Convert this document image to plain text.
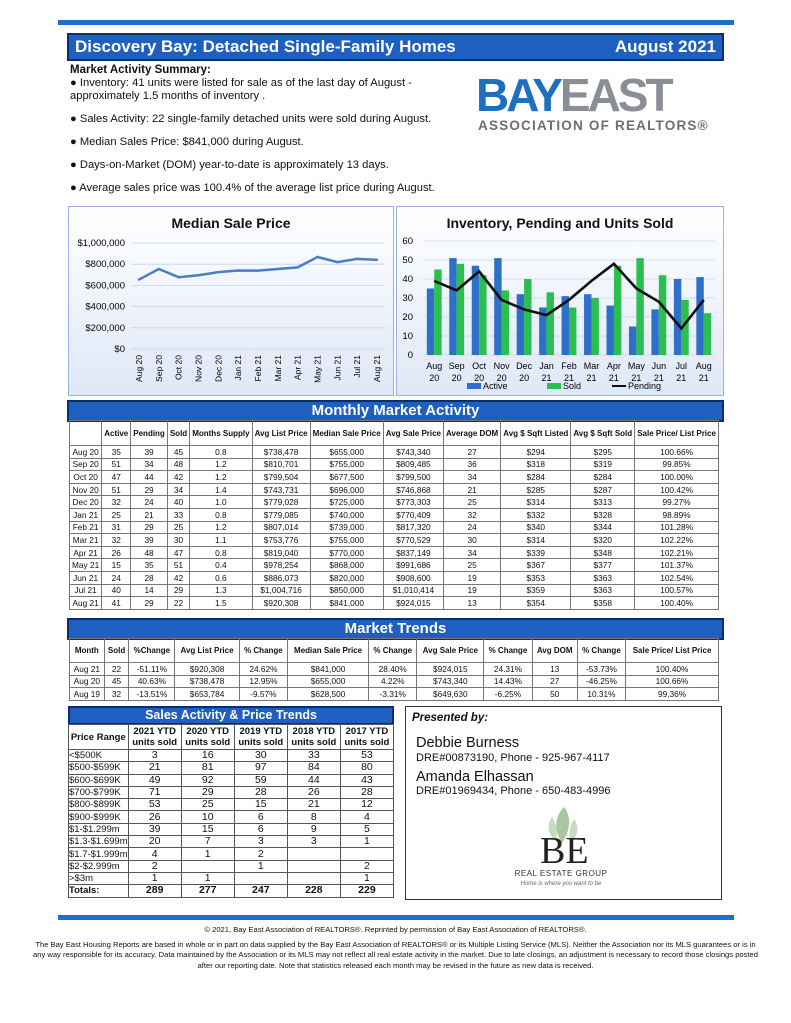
Discovery Bay: Detached Single-Family Homes	August 2021
Market Activity Summary:

● Inventory: 41 units were listed for sale as of the last day of August - approximately 1.5 months of inventory .

● Sales Activity: 22 single-family detached units were sold during August.

● Median Sales Price: $841,000 during August.

● Days-on-Market (DOM) year-to-date is approximately 13 days.

● Average sales price was 100.4% of the average list price during August.

BAYEAST
ASSOCIATION OF REALTORS®
Median Sale Price
$0
$200,000
$400,000
$600,000
$800,000
$1,000,000
Aug 20 Sep 20 Oct 20 Nov 20 Dec 20 Jan 21 Feb 21 Mar 21 Apr 21 May 21 Jun 21 Jul 21 Aug 21
Inventory, Pending and Units Sold
0
10
20
30
40
50
60
Aug
20
Sep
20
Oct
20
Nov
20
Dec
20
Jan
21
Feb
21
Mar
21
Apr
21
May
21
Jun
21
Jul
21
Aug
21
Active	Sold	Pending
Monthly Market Activity
	Active	Pending	Sold	Months Supply	Avg List Price	Median Sale Price	Avg Sale Price	Average DOM	Avg $ Sqft Listed	Avg $ Sqft Sold	Sale Price/ List Price
Aug 20	35	39	45	0.8	$738,478	$655,000	$743,340	27	$294	$295	100.66%
Sep 20	51	34	48	1.2	$810,701	$755,000	$809,485	36	$318	$319	99.85%
Oct 20	47	44	42	1.2	$799,504	$677,500	$799,500	34	$284	$284	100.00%
Nov 20	51	29	34	1.4	$743,731	$696,000	$746,868	21	$285	$287	100.42%
Dec 20	32	24	40	1.0	$779,028	$725,000	$773,303	25	$314	$313	99.27%
Jan 21	25	21	33	0.8	$779,085	$740,000	$770,409	32	$332	$328	98.89%
Feb 21	31	29	25	1.2	$807,014	$739,000	$817,320	24	$340	$344	101.28%
Mar 21	32	39	30	1.1	$753,776	$755,000	$770,529	30	$314	$320	102.22%
Apr 21	26	48	47	0.8	$819,040	$770,000	$837,149	34	$339	$348	102.21%
May 21	15	35	51	0.4	$978,254	$868,000	$991,686	25	$367	$377	101.37%
Jun 21	24	28	42	0.6	$886,073	$820,000	$908,600	19	$353	$363	102.54%
Jul 21	40	14	29	1.3	$1,004,716	$850,000	$1,010,414	19	$359	$363	100.57%
Aug 21	41	29	22	1.5	$920,308	$841,000	$924,015	13	$354	$358	100.40%
Market Trends
Month	Sold	%Change	Avg List Price	% Change	Median Sale Price	% Change	Avg Sale Price	% Change	Avg DOM	% Change	Sale Price/ List Price
Aug 21	22	-51.11%	$920,308	24.62%	$841,000	28.40%	$924,015	24.31%	13	-53.73%	100.40%
Aug 20	45	40.63%	$738,478	12.95%	$655,000	4.22%	$743,340	14.43%	27	-46.25%	100.66%
Aug 19	32	-13.51%	$653,784	-9.57%	$628,500	-3.31%	$649,630	-6.25%	50	10.31%	99.36%
Sales Activity & Price Trends
Price Range	2021 YTD units sold	2020 YTD units sold	2019 YTD units sold	2018 YTD units sold	2017 YTD units sold
<$500K	3	16	30	33	53
$500-$599K	21	81	97	84	80
$600-$699K	49	92	59	44	43
$700-$799K	71	29	28	26	28
$800-$899K	53	25	15	21	12
$900-$999K	26	10	6	8	4
$1-$1.299m	39	15	6	9	5
$1.3-$1.699m	20	7	3	3	1
$1.7-$1.999m	4	1	2		
$2-$2.999m	2		1		2
>$3m	1	1			1
Totals:	289	277	247	228	229
Presented by:
Debbie Burness
DRE#00873190, Phone - 925-967-4117
Amanda Elhassan
DRE#01969434, Phone - 650-483-4996
BE
REAL ESTATE GROUP
Home is where you want to be

© 2021, Bay East Association of REALTORS®. Reprinted by permission of Bay East Association of REALTORS®.

The Bay East Housing Reports are based in whole or in part on data supplied by the Bay East Association of REALTORS® or its Multiple Listing Service (MLS). Neither the Association nor its MLS guarantees or is in any way responsible for its accuracy. Data maintained by the Association or its MLS may not reflect all real estate activity in the market. Due to late closings, an adjustment is necessary to record those closings posted after our reporting date. Note that statistics released each month may be revised in the future as new data is received.
